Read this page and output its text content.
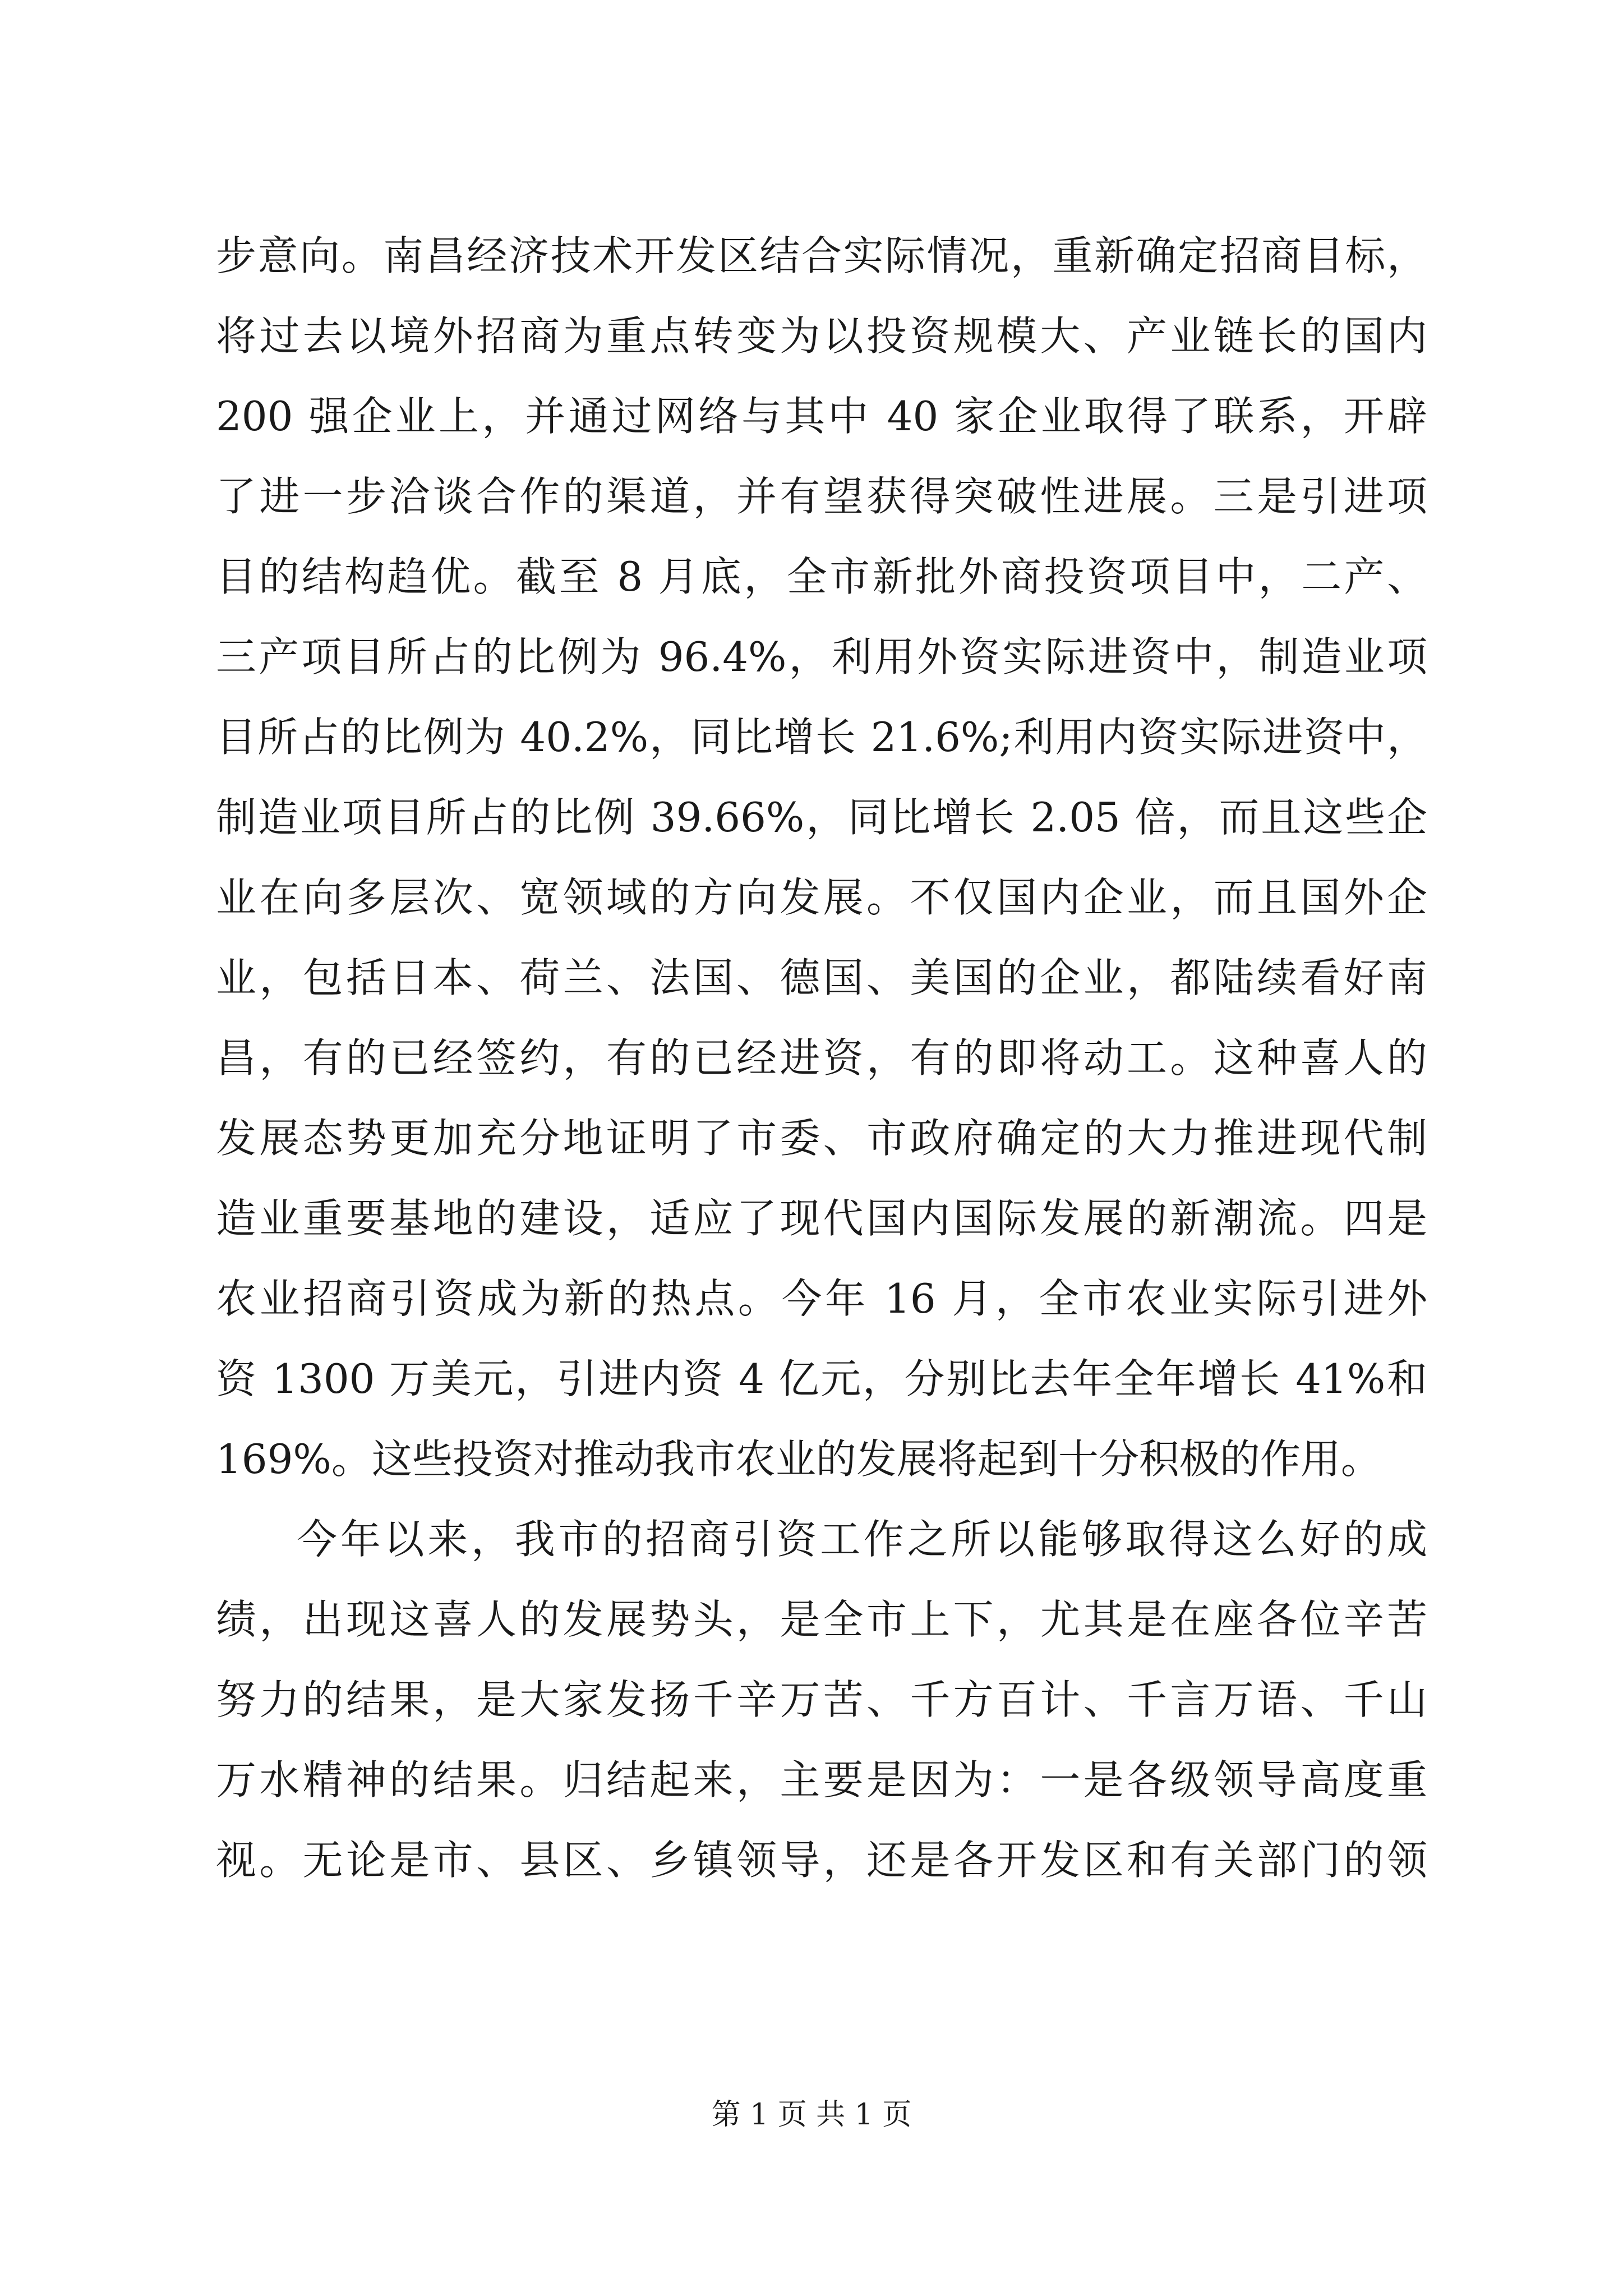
步意向。南昌经济技术开发区结合实际情况，重新确定招商目标，
将过去以境外招商为重点转变为以投资规模大、产业链长的国内
200 强企业上，并通过网络与其中 40 家企业取得了联系，开辟
了进一步洽谈合作的渠道，并有望获得突破性进展。三是引进项
目的结构趋优。截至 8 月底，全市新批外商投资项目中，二产、
三产项目所占的比例为 96.4%，利用外资实际进资中，制造业项
目所占的比例为 40.2%，同比增长 21.6%;利用内资实际进资中，
制造业项目所占的比例 39.66%，同比增长 2.05 倍，而且这些企
业在向多层次、宽领域的方向发展。不仅国内企业，而且国外企
业，包括日本、荷兰、法国、德国、美国的企业，都陆续看好南
昌，有的已经签约，有的已经进资，有的即将动工。这种喜人的
发展态势更加充分地证明了市委、市政府确定的大力推进现代制
造业重要基地的建设，适应了现代国内国际发展的新潮流。四是
农业招商引资成为新的热点。今年 16 月，全市农业实际引进外
资 1300 万美元，引进内资 4 亿元，分别比去年全年增长 41%和
169%。这些投资对推动我市农业的发展将起到十分积极的作用。
今年以来，我市的招商引资工作之所以能够取得这么好的成
绩，出现这喜人的发展势头，是全市上下，尤其是在座各位辛苦
努力的结果，是大家发扬千辛万苦、千方百计、千言万语、千山
万水精神的结果。归结起来，主要是因为：一是各级领导高度重
视。无论是市、县区、乡镇领导，还是各开发区和有关部门的领
第 1 页 共 1 页
